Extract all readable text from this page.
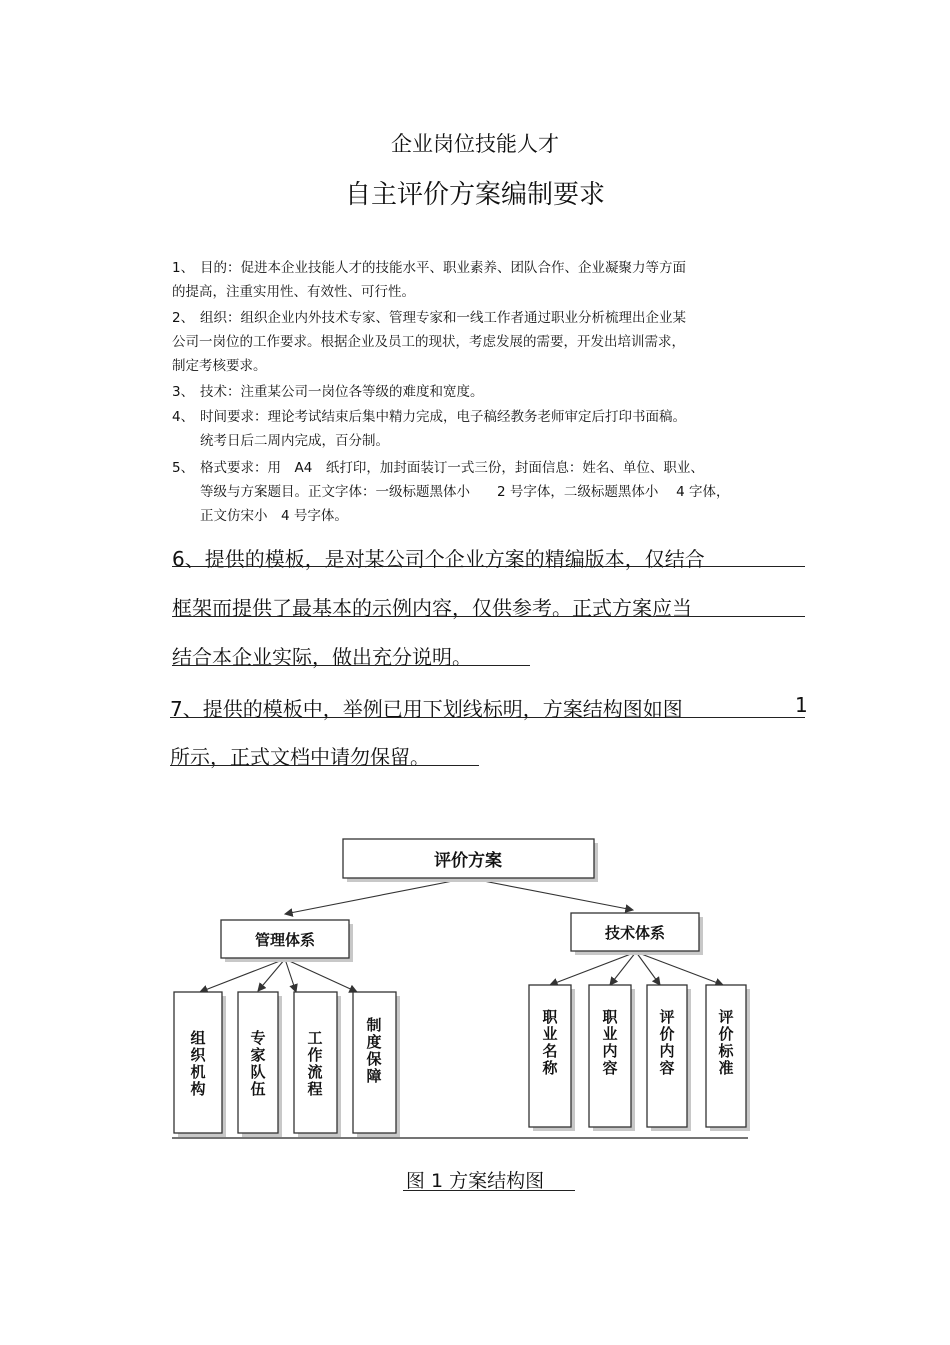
企业岗位技能人才
自主评价方案编制要求
1、 目的：促进本企业技能人才的技能水平、职业素养、团队合作、企业凝聚力等方面
的提高，注重实用性、有效性、可行性。
2、 组织：组织企业内外技术专家、管理专家和一线工作者通过职业分析梳理出企业某
公司一岗位的工作要求。根据企业及员工的现状，考虑发展的需要，开发出培训需求，
制定考核要求。
3、 技术：注重某公司一岗位各等级的难度和宽度。
4、 时间要求：理论考试结束后集中精力完成，电子稿经教务老师审定后打印书面稿。
统考日后二周内完成，百分制。
5、 格式要求：用　A4　纸打印，加封面装订一式三份，封面信息：姓名、单位、职业、
等级与方案题目。正文字体：一级标题黑体小　　2 号字体，二级标题黑体小　 4 字体，
正文仿宋小　4 号字体。
6、提供的模板，是对某公司个企业方案的精编版本，仅结合
框架而提供了最基本的示例内容，仅供参考。正式方案应当
结合本企业实际，做出充分说明。
7、提供的模板中，举例已用下划线标明，方案结构图如图	1
所示，正式文档中请勿保留。
评价方案
管理体系	技术体系
组织机构
专家队伍
工作流程
制度保障
职业名称
职业内容
评价内容
评价标准
图 1 方案结构图
